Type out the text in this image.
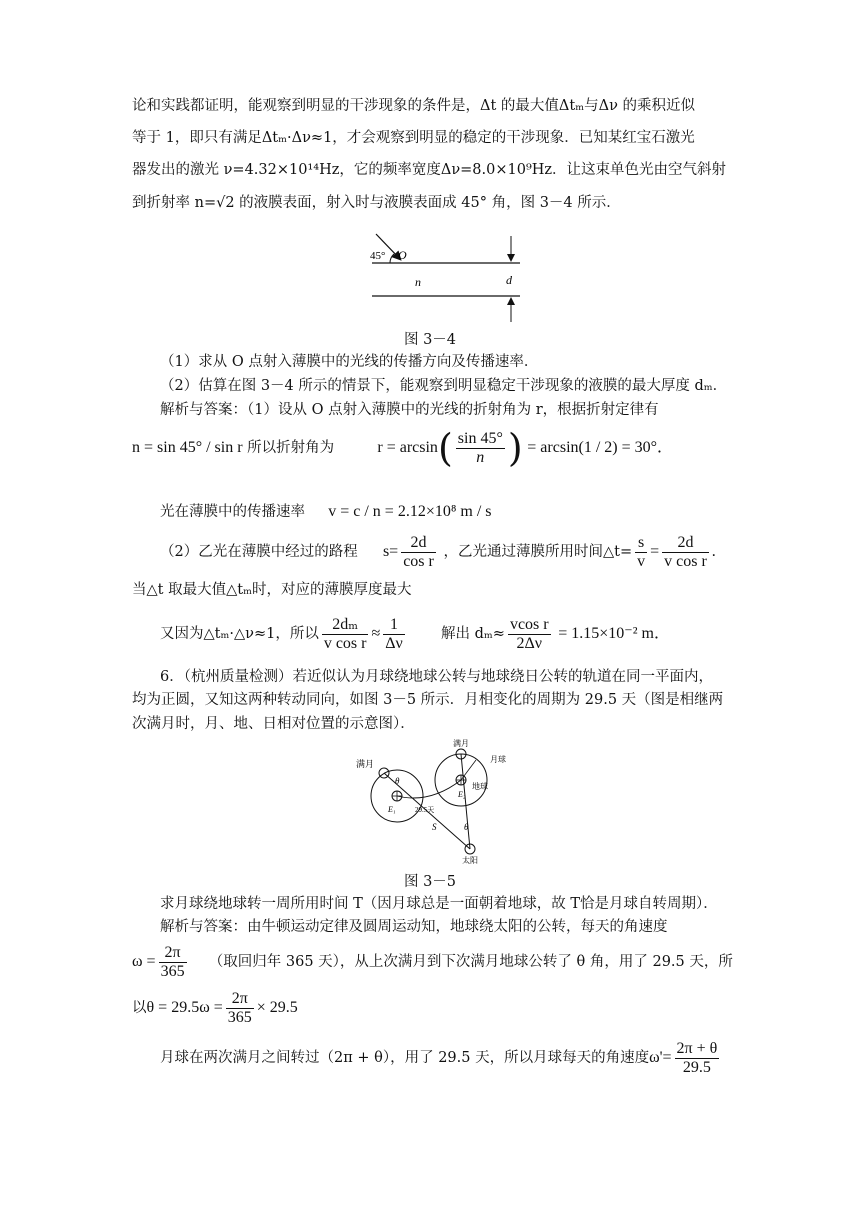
论和实践都证明，能观察到明显的干涉现象的条件是，Δt 的最大值Δtₘ与Δν 的乘积近似
等于 1，即只有满足Δtₘ·Δν≈1，才会观察到明显的稳定的干涉现象．已知某红宝石激光
器发出的激光 ν=4.32×10¹⁴Hz，它的频率宽度Δν=8.0×10⁹Hz．让这束单色光由空气斜射
到折射率 n=√2 的液膜表面，射入时与液膜表面成 45° 角，图 3－4 所示．
45° O
n	d
图 3－4
（1）求从 O 点射入薄膜中的光线的传播方向及传播速率．
（2）估算在图 3－4 所示的情景下，能观察到明显稳定干涉现象的液膜的最大厚度 dₘ．
解析与答案：（1）设从 O 点射入薄膜中的光线的折射角为 r，根据折射定律有
n = sin 45° / sin r 所以折射角为	$r = \arcsin( \frac{\sin 45^\circ}{n}$ ) = arcsin(1 / 2) = 30°．
光在薄膜中的传播速率 v = c / n = 2.12×10⁸ m / s
（2）乙光在薄膜中经过的路程 $s= \frac{2d}{\text{cos r}}$ ，乙光通过薄膜所用时间△t= $\frac{s}{v} = \frac{2d}{\text{v cos r}}$ .
当△t 取最大值△tₘ时，对应的薄膜厚度最大
又因为△tₘ·△ν≈1，所以 $\frac{\text{2dₘ}}{\text{v cos r}} \approx \frac{1}{\Delta\nu}$ 解出 $d_m\approx \frac{\text{vcos r}}{2\Delta\nu} = 1.15\times 10^{-2}$ m．
6．（杭州质量检测）若近似认为月球绕地球公转与地球绕日公转的轨道在同一平面内，
均为正圆，又知这两种转动同向，如图 3－5 所示．月相变化的周期为 29.5 天（图是相继两
次满月时，月、地、日相对位置的示意图）．
满月
满月
月球
地球
E₁
E₂
θ
θ
29.5天
S
太阳
图 3－5
求月球绕地球转一周所用时间 T（因月球总是一面朝着地球，故 T恰是月球自转周期）．
解析与答案：由牛顿运动定律及圆周运动知，地球绕太阳的公转，每天的角速度
$\omega = \frac{2\pi}{365}$ （取回归年 365 天），从上次满月到下次满月地球公转了 θ 角，用了 29.5 天，所
以$\theta = 29.5\omega = \frac{2\pi}{365} \times 29.5$
月球在两次满月之间转过（2π + θ），用了 29.5 天，所以月球每天的角速度$\omega'= \frac{2\pi + \theta}{29.5}$
